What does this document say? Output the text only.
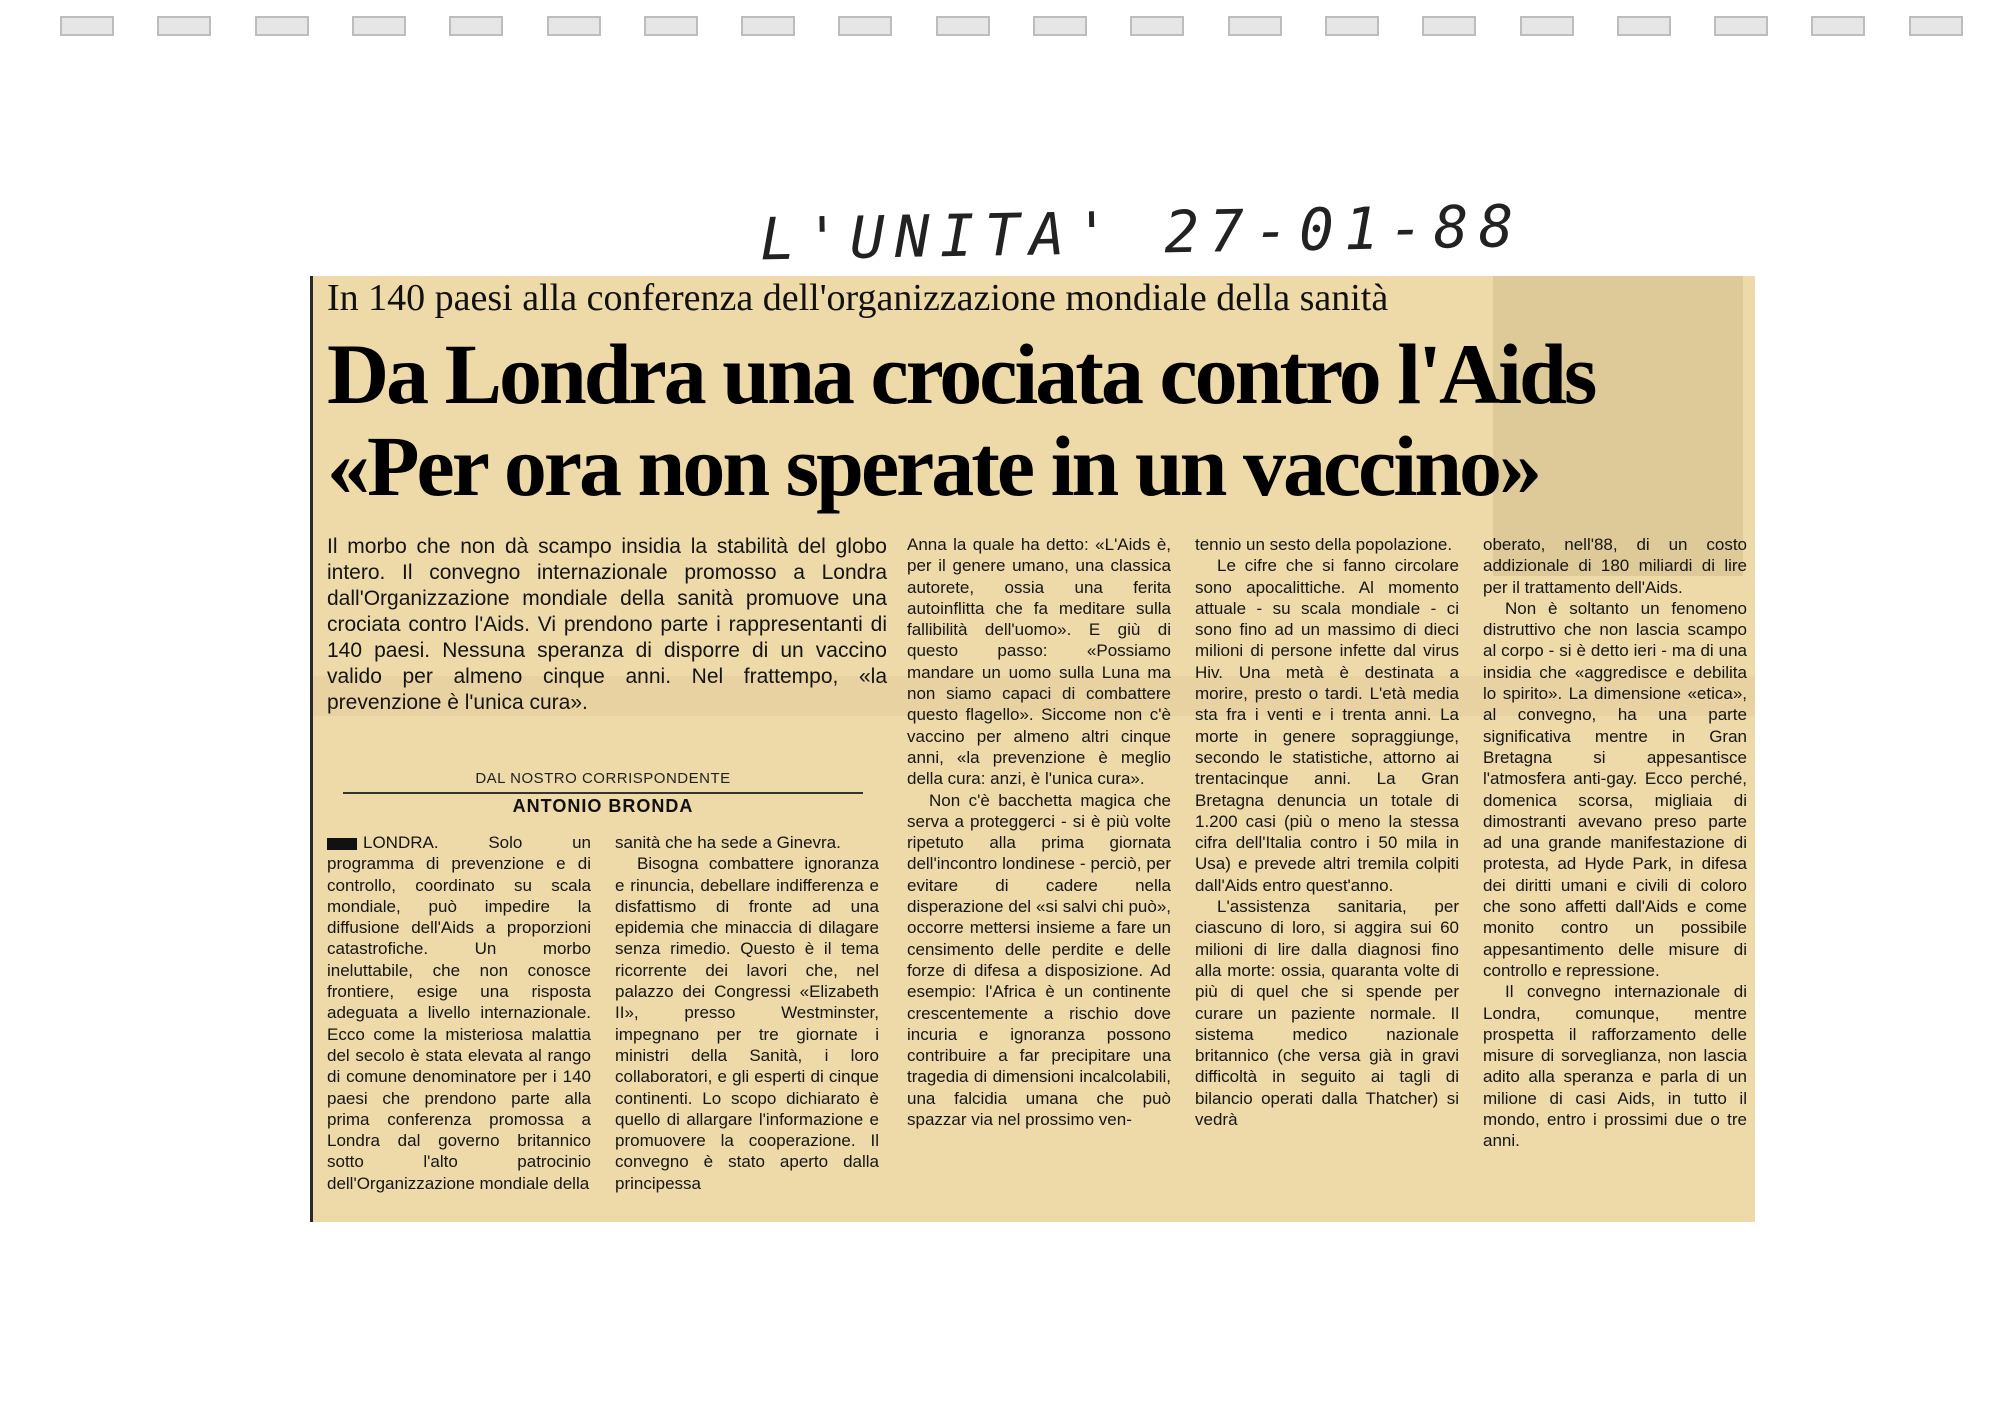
L'UNITA' 27-01-88
In 140 paesi alla conferenza dell'organizzazione mondiale della sanità
Da Londra una crociata contro l'Aids
«Per ora non sperate in un vaccino»
Il morbo che non dà scampo insidia la stabilità del globo intero. Il convegno internazionale promosso a Londra dall'Organizzazione mondiale della sanità promuove una crociata contro l'Aids. Vi prendono parte i rappresentanti di 140 paesi. Nessuna speranza di disporre di un vaccino valido per almeno cinque anni. Nel frattempo, «la prevenzione è l'unica cura».
DAL NOSTRO CORRISPONDENTE
ANTONIO BRONDA

LONDRA. Solo un programma di prevenzione e di controllo, coordinato su scala mondiale, può impedire la diffusione dell'Aids a proporzioni catastrofiche. Un morbo ineluttabile, che non conosce frontiere, esige una risposta adeguata a livello internazionale. Ecco come la misteriosa malattia del secolo è stata elevata al rango di comune denominatore per i 140 paesi che prendono parte alla prima conferenza promossa a Londra dal governo britannico sotto l'alto patrocinio dell'Organizzazione mondiale della

sanità che ha sede a Ginevra.

Bisogna combattere ignoranza e rinuncia, debellare indifferenza e disfattismo di fronte ad una epidemia che minaccia di dilagare senza rimedio. Questo è il tema ricorrente dei lavori che, nel palazzo dei Congressi «Elizabeth II», presso Westminster, impegnano per tre giornate i ministri della Sanità, i loro collaboratori, e gli esperti di cinque continenti. Lo scopo dichiarato è quello di allargare l'informazione e promuovere la cooperazione. Il convegno è stato aperto dalla principessa

Anna la quale ha detto: «L'Aids è, per il genere umano, una classica autorete, ossia una ferita autoinflitta che fa meditare sulla fallibilità dell'uomo». E giù di questo passo: «Possiamo mandare un uomo sulla Luna ma non siamo capaci di combattere questo flagello». Siccome non c'è vaccino per almeno altri cinque anni, «la prevenzione è meglio della cura: anzi, è l'unica cura».

Non c'è bacchetta magica che serva a proteggerci - si è più volte ripetuto alla prima giornata dell'incontro londinese - perciò, per evitare di cadere nella disperazione del «si salvi chi può», occorre mettersi insieme a fare un censimento delle perdite e delle forze di difesa a disposizione. Ad esempio: l'Africa è un continente crescentemente a rischio dove incuria e ignoranza possono contribuire a far precipitare una tragedia di dimensioni incalcolabili, una falcidia umana che può spazzar via nel prossimo ven-

tennio un sesto della popolazione.

Le cifre che si fanno circolare sono apocalittiche. Al momento attuale - su scala mondiale - ci sono fino ad un massimo di dieci milioni di persone infette dal virus Hiv. Una metà è destinata a morire, presto o tardi. L'età media sta fra i venti e i trenta anni. La morte in genere sopraggiunge, secondo le statistiche, attorno ai trentacinque anni. La Gran Bretagna denuncia un totale di 1.200 casi (più o meno la stessa cifra dell'Italia contro i 50 mila in Usa) e prevede altri tremila colpiti dall'Aids entro quest'anno.

L'assistenza sanitaria, per ciascuno di loro, si aggira sui 60 milioni di lire dalla diagnosi fino alla morte: ossia, quaranta volte di più di quel che si spende per curare un paziente normale. Il sistema medico nazionale britannico (che versa già in gravi difficoltà in seguito ai tagli di bilancio operati dalla Thatcher) si vedrà

oberato, nell'88, di un costo addizionale di 180 miliardi di lire per il trattamento dell'Aids.

Non è soltanto un fenomeno distruttivo che non lascia scampo al corpo - si è detto ieri - ma di una insidia che «aggredisce e debilita lo spirito». La dimensione «etica», al convegno, ha una parte significativa mentre in Gran Bretagna si appesantisce l'atmosfera anti-gay. Ecco perché, domenica scorsa, migliaia di dimostranti avevano preso parte ad una grande manifestazione di protesta, ad Hyde Park, in difesa dei diritti umani e civili di coloro che sono affetti dall'Aids e come monito contro un possibile appesantimento delle misure di controllo e repressione.

Il convegno internazionale di Londra, comunque, mentre prospetta il rafforzamento delle misure di sorveglianza, non lascia adito alla speranza e parla di un milione di casi Aids, in tutto il mondo, entro i prossimi due o tre anni.
